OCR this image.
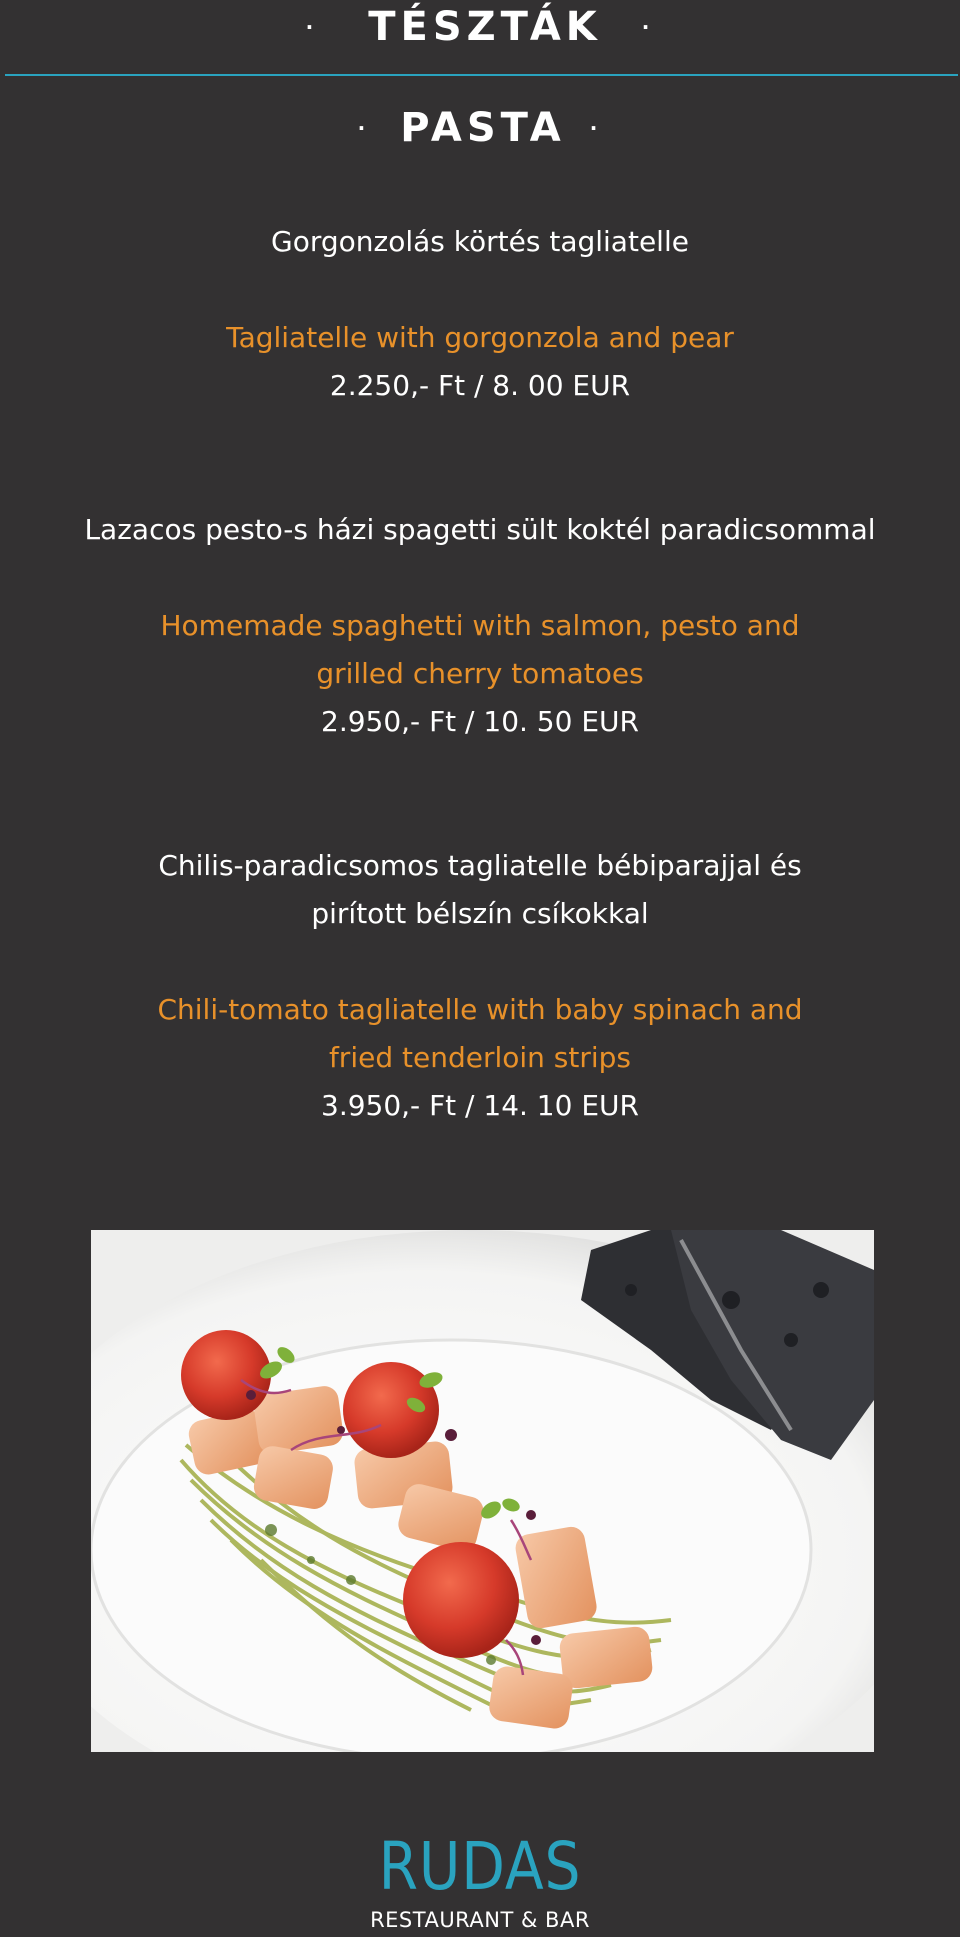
· TÉSZTÁK ·
· PASTA ·
Gorgonzolás körtés tagliatelle
Tagliatelle with gorgonzola and pear
2.250,- Ft / 8. 00 EUR
Lazacos pesto-s házi spagetti sült koktél paradicsommal
Homemade spaghetti with salmon, pesto and
grilled cherry tomatoes
2.950,- Ft / 10. 50 EUR
Chilis-paradicsomos tagliatelle bébiparajjal és
pirított bélszín csíkokkal
Chili-tomato tagliatelle with baby spinach and
fried tenderloin strips
3.950,- Ft / 14. 10 EUR
RUDAS
RESTAURANT & BAR
